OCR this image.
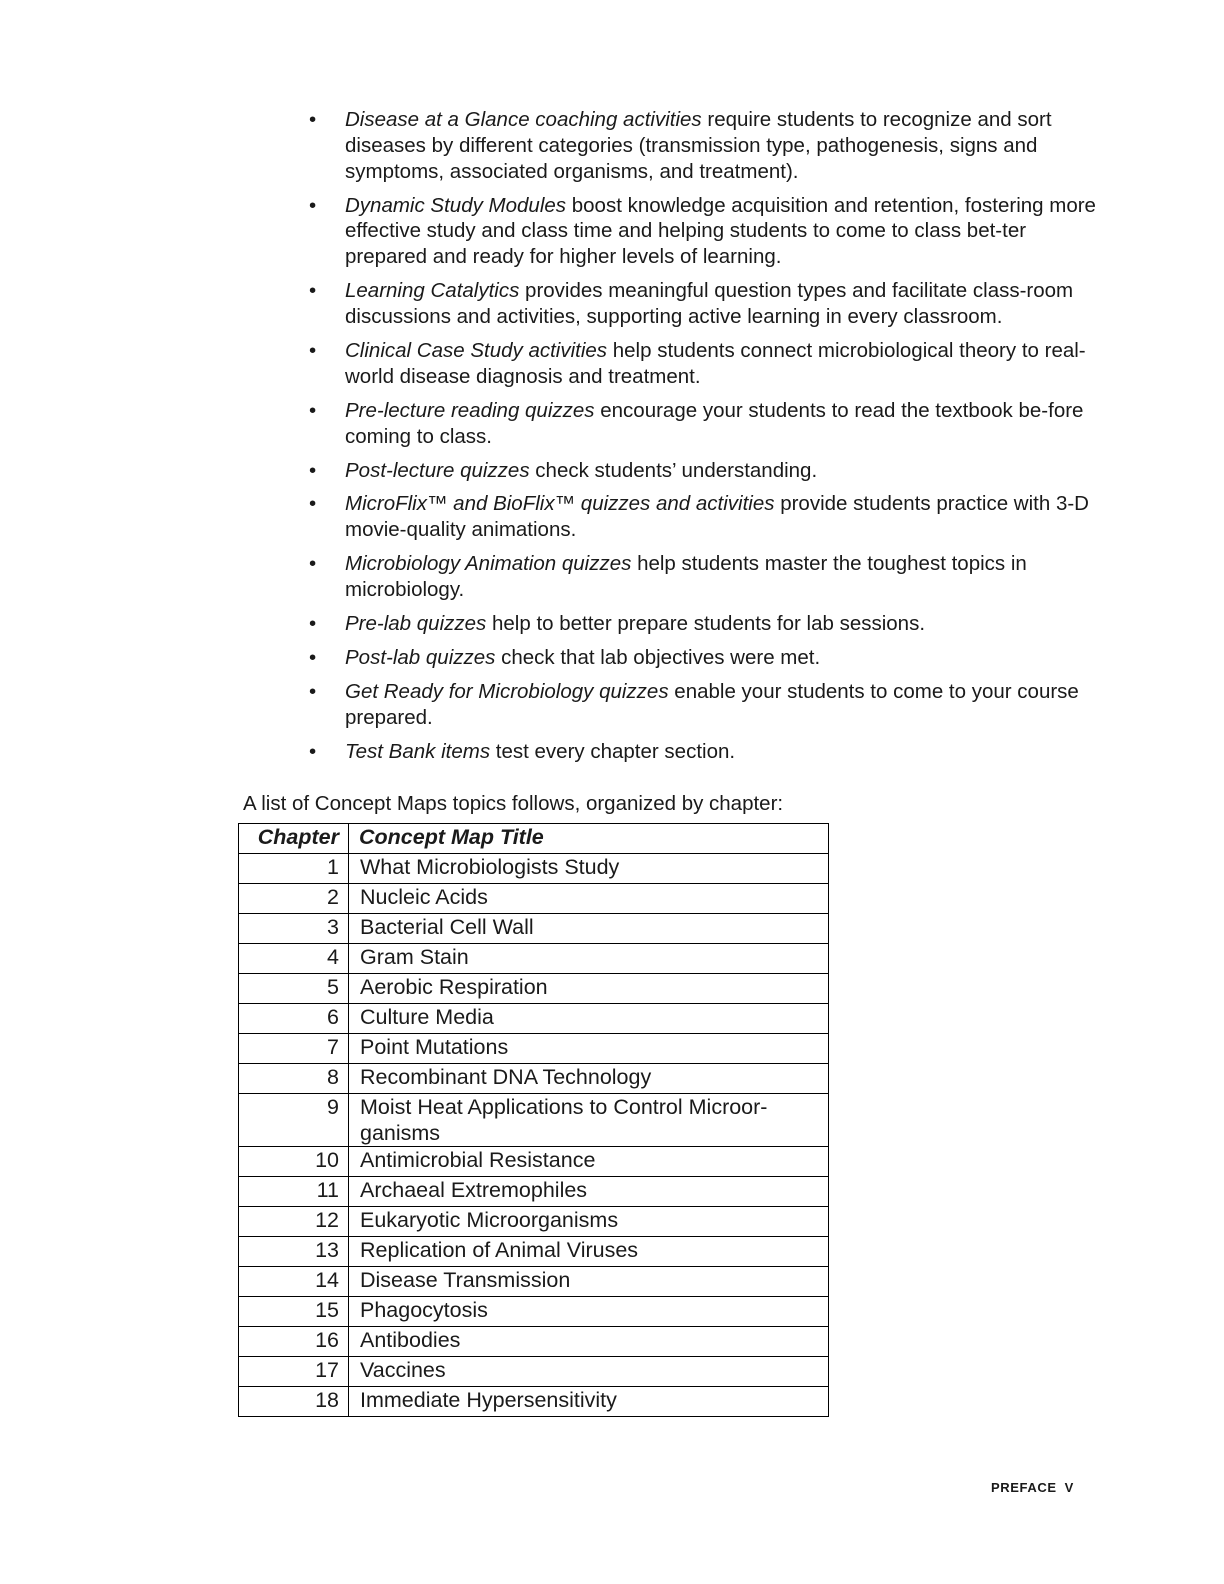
• Disease at a Glance coaching activities require students to recognize and sort diseases by different categories (transmission type, pathogenesis, signs and symptoms, associated organisms, and treatment).
• Dynamic Study Modules boost knowledge acquisition and retention, fostering more effective study and class time and helping students to come to class bet-ter prepared and ready for higher levels of learning.
• Learning Catalytics provides meaningful question types and facilitate class-room discussions and activities, supporting active learning in every classroom.
• Clinical Case Study activities help students connect microbiological theory to real-world disease diagnosis and treatment.
• Pre-lecture reading quizzes encourage your students to read the textbook be-fore coming to class.
• Post-lecture quizzes check students’ understanding.
• MicroFlix™ and BioFlix™ quizzes and activities provide students practice with 3-D movie-quality animations.
• Microbiology Animation quizzes help students master the toughest topics in microbiology.
• Pre-lab quizzes help to better prepare students for lab sessions.
• Post-lab quizzes check that lab objectives were met.
• Get Ready for Microbiology quizzes enable your students to come to your course prepared.
• Test Bank items test every chapter section.

A list of Concept Maps topics follows, organized by chapter:

Chapter	Concept Map Title
1	What Microbiologists Study
2	Nucleic Acids
3	Bacterial Cell Wall
4	Gram Stain
5	Aerobic Respiration
6	Culture Media
7	Point Mutations
8	Recombinant DNA Technology
9	Moist Heat Applications to Control Microor-ganisms
10	Antimicrobial Resistance
11	Archaeal Extremophiles
12	Eukaryotic Microorganisms
13	Replication of Animal Viruses
14	Disease Transmission
15	Phagocytosis
16	Antibodies
17	Vaccines
18	Immediate Hypersensitivity
PREFACE V
